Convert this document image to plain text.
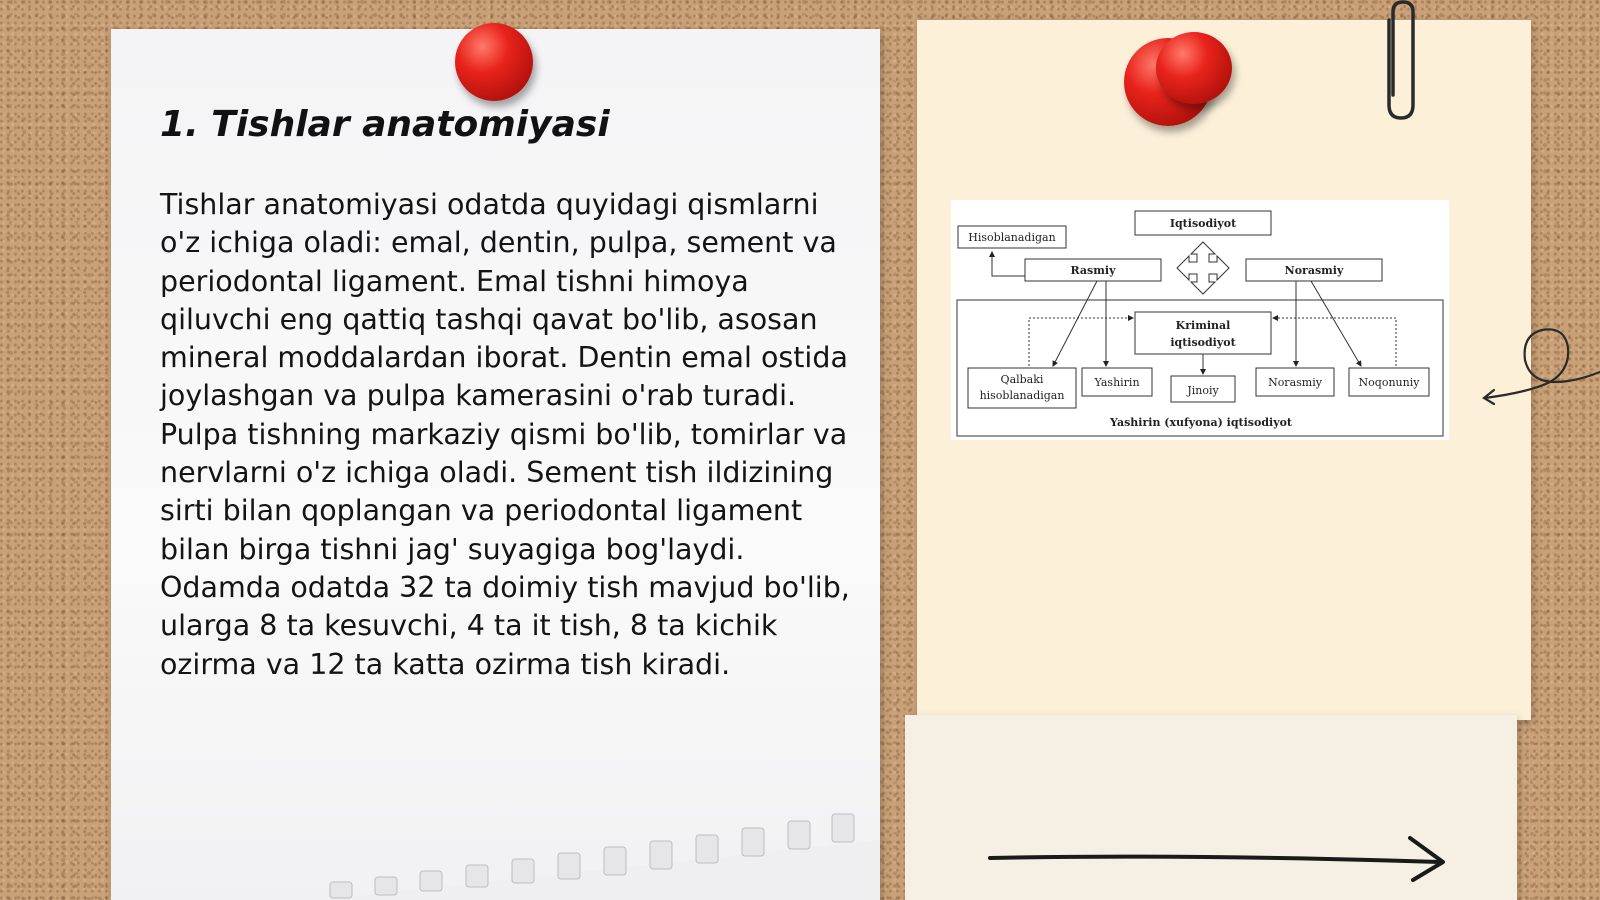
1. Tishlar anatomiyasi

Tishlar anatomiyasi odatda quyidagi qismlarni o'z ichiga oladi: emal, dentin, pulpa, sement va periodontal ligament. Emal tishni himoya qiluvchi eng qattiq tashqi qavat bo'lib, asosan mineral moddalardan iborat. Dentin emal ostida joylashgan va pulpa kamerasini o'rab turadi. Pulpa tishning markaziy qismi bo'lib, tomirlar va nervlarni o'z ichiga oladi. Sement tish ildizining sirti bilan qoplangan va periodontal ligament bilan birga tishni jag' suyagiga bog'laydi. Odamda odatda 32 ta doimiy tish mavjud bo'lib, ularga 8 ta kesuvchi, 4 ta it tish, 8 ta kichik ozirma va 12 ta katta ozirma tish kiradi.

Iqtisodiyot
Hisoblanadigan
Rasmiy	Norasmiy
Kriminal
iqtisodiyot
Qalbaki
hisoblanadigan
Yashirin
Jinoiy
Norasmiy	Noqonuniy
Yashirin (xufyona) iqtisodiyot
